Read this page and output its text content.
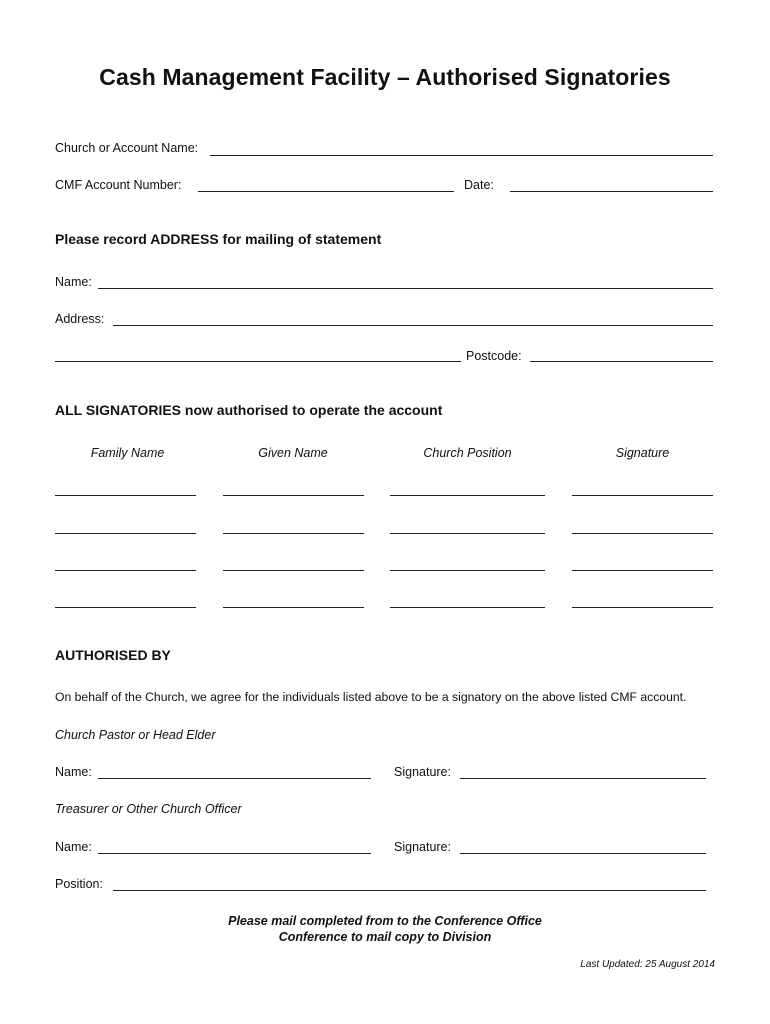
Cash Management Facility – Authorised Signatories
Church or Account Name:
CMF Account Number:	Date:
Please record ADDRESS for mailing of statement
Name:
Address:
Postcode:
ALL SIGNATORIES now authorised to operate the account
Family Name	Given Name	Church Position	Signature
AUTHORISED BY
On behalf of the Church, we agree for the individuals listed above to be a signatory on the above listed CMF account.
Church Pastor or Head Elder
Name:	Signature:
Treasurer or Other Church Officer
Name:	Signature:
Position:
Please mail completed from to the Conference Office
Conference to mail copy to Division
Last Updated: 25 August 2014
